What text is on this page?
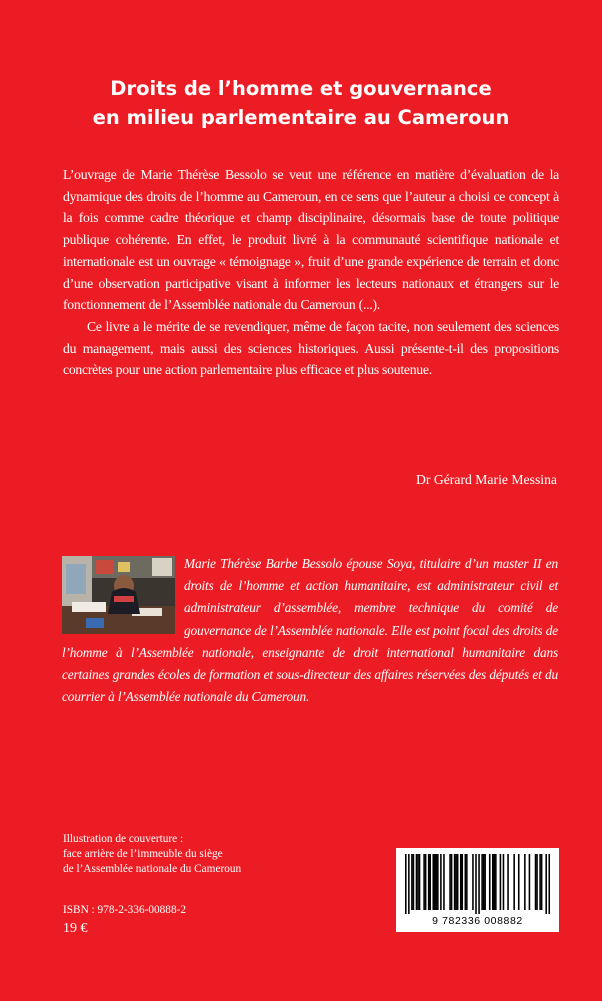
Droits de l’homme et gouvernance
en milieu parlementaire au Cameroun

L’ouvrage de Marie Thérèse Bessolo se veut une référence en matière d’évaluation de la dynamique des droits de l’homme au Cameroun, en ce sens que l’auteur a choisi ce concept à la fois comme cadre théorique et champ disciplinaire, désormais base de toute politique publique cohérente. En effet, le produit livré à la communauté scientifique nationale et internationale est un ouvrage « témoignage », fruit d’une grande expérience de terrain et donc d’une observation participative visant à informer les lecteurs nationaux et étrangers sur le fonctionnement de l’Assemblée nationale du Cameroun (...).

Ce livre a le mérite de se revendiquer, même de façon tacite, non seulement des sciences du management, mais aussi des sciences historiques. Aussi présente-t-il des propositions concrètes pour une action parlementaire plus efficace et plus soutenue.

Dr Gérard Marie Messina
Marie Thérèse Barbe Bessolo épouse Soya, titulaire d’un master II en droits de l’homme et action humanitaire, est administrateur civil et administrateur d’assemblée, membre technique du comité de gouvernance de l’Assemblée nationale. Elle est point focal des droits de l’homme à l’Assemblée nationale, enseignante de droit international humanitaire dans certaines grandes écoles de formation et sous-directeur des affaires réservées des députés et du courrier à l’Assemblée nationale du Cameroun.
Illustration de couverture :
face arrière de l’immeuble du siège
de l’Assemblée nationale du Cameroun
ISBN : 978-2-336-00888-2
19 €	9 782336 008882
